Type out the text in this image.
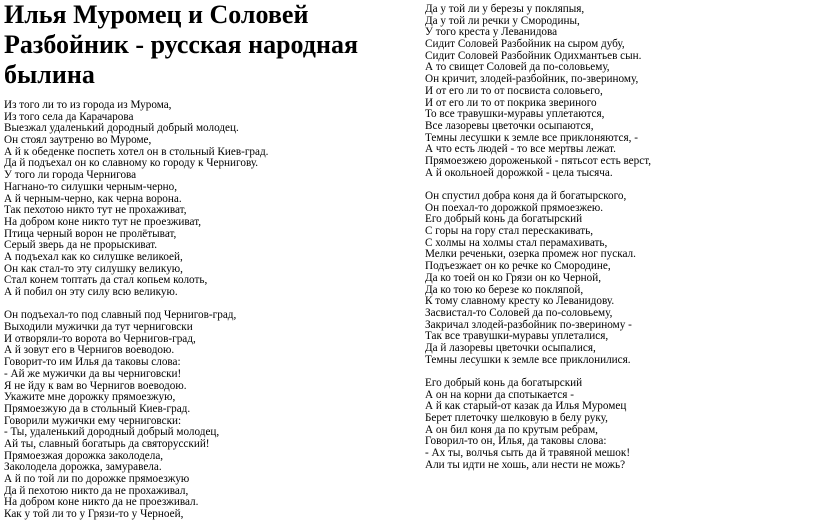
Илья Муромец и Соловей
Разбойник - русская народная
былина
Из того ли то из города из Мурома,
Из того села да Карачарова
Выезжал удаленький дородный добрый молодец.
Он стоял заутреню во Муроме,
А й к обеденке поспеть хотел он в стольный Киев-град.
Да й подъехал он ко славному ко городу к Чернигову.
У того ли города Чернигова
Нагнано-то силушки черным-черно,
А й черным-черно, как черна ворона.
Так пехотою никто тут не прохаживат,
На добром коне никто тут не проезживат,
Птица черный ворон не пролётыват,
Серый зверь да не прорыскиват.
А подъехал как ко силушке великоей,
Он как стал-то эту силушку великую,
Стал конем топтать да стал копьем колоть,
А й побил он эту силу всю великую.
Он подъехал-то под славный под Чернигов-град,
Выходили мужички да тут черниговски
И отворяли-то ворота во Чернигов-град,
А й зовут его в Чернигов воеводою.
Говорит-то им Илья да таковы слова:
- Ай же мужички да вы черниговски!
Я не йду к вам во Чернигов воеводою.
Укажите мне дорожку прямоезжую,
Прямоезжую да в стольный Киев-град.
Говорили мужички ему черниговски:
- Ты, удаленький дородный добрый молодец,
Ай ты, славный богатырь да святорусский!
Прямоезжая дорожка заколодела,
Заколодела дорожка, замуравела.
А й по той ли по дорожке прямоезжую
Да й пехотою никто да не прохаживал,
На добром коне никто да не проезживал.
Как у той ли то у Грязи-то у Черноей,
Да у той ли у березы у покляпыя,
Да у той ли речки у Смородины,
У того креста у Леванидова
Сидит Соловей Разбойник на сыром дубу,
Сидит Соловей Разбойник Одихмантьев сын.
А то свищет Соловей да по-соловьему,
Он кричит, злодей-разбойник, по-звериному,
И от его ли то от посвиста соловьего,
И от его ли то от покрика звериного
То все травушки-муравы уплетаются,
Все лазоревы цветочки осыпаются,
Темны лесушки к земле все приклоняются, -
А что есть людей - то все мертвы лежат.
Прямоезжею дороженькой - пятьсот есть верст,
А й окольноей дорожкой - цела тысяча.
Он спустил добра коня да й богатырского,
Он поехал-то дорожкой прямоезжею.
Его добрый конь да богатырский
С горы на гору стал перескакивать,
С холмы на холмы стал перамахивать,
Мелки реченьки, озерка промеж ног пускал.
Подъезжает он ко речке ко Смородине,
Да ко тоей он ко Грязи он ко Черной,
Да ко тою ко березе ко покляпой,
К тому славному кресту ко Леванидову.
Засвистал-то Соловей да по-соловьему,
Закричал злодей-разбойник по-звериному -
Так все травушки-муравы уплеталися,
Да й лазоревы цветочки осыпалися,
Темны лесушки к земле все приклонилися.
Его добрый конь да богатырский
А он на корни да спотыкается -
А й как старый-от казак да Илья Муромец
Берет плеточку шелковую в белу руку,
А он бил коня да по крутым ребрам,
Говорил-то он, Илья, да таковы слова:
- Ах ты, волчья сыть да й травяной мешок!
Али ты идти не хошь, али нести не можь?
